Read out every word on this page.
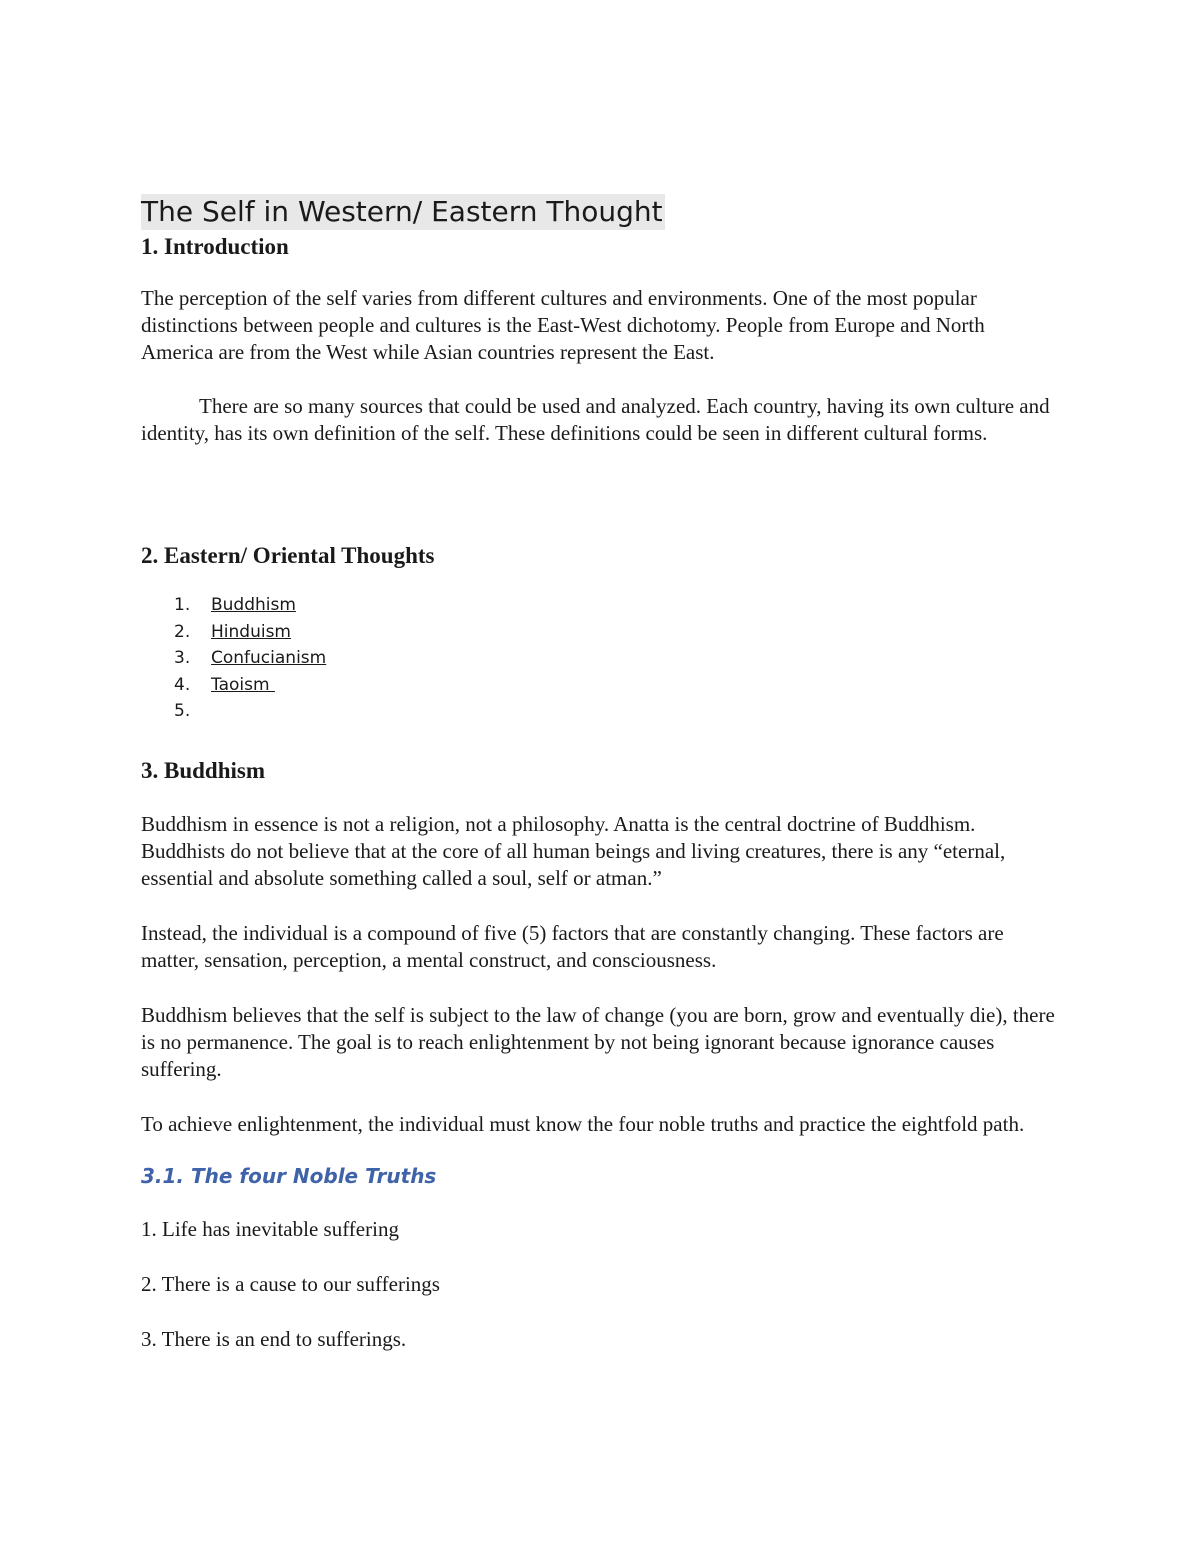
The Self in Western/ Eastern Thought
1. Introduction

The perception of the self varies from different cultures and environments. One of the most popular distinctions between people and cultures is the East-West dichotomy. People from Europe and North America are from the West while Asian countries represent the East.

There are so many sources that could be used and analyzed. Each country, having its own culture and identity, has its own definition of the self. These definitions could be seen in different cultural forms.

2. Eastern/ Oriental Thoughts
1.	Buddhism
2.	Hinduism
3.	Confucianism
4.	Taoism
5.
3. Buddhism

Buddhism in essence is not a religion, not a philosophy. Anatta is the central doctrine of Buddhism. Buddhists do not believe that at the core of all human beings and living creatures, there is any “eternal, essential and absolute something called a soul, self or atman.”

Instead, the individual is a compound of five (5) factors that are constantly changing. These factors are matter, sensation, perception, a mental construct, and consciousness.

Buddhism believes that the self is subject to the law of change (you are born, grow and eventually die), there is no permanence. The goal is to reach enlightenment by not being ignorant because ignorance causes suffering.

To achieve enlightenment, the individual must know the four noble truths and practice the eightfold path.

3.1. The four Noble Truths

1. Life has inevitable suffering

2. There is a cause to our sufferings

3. There is an end to sufferings.
